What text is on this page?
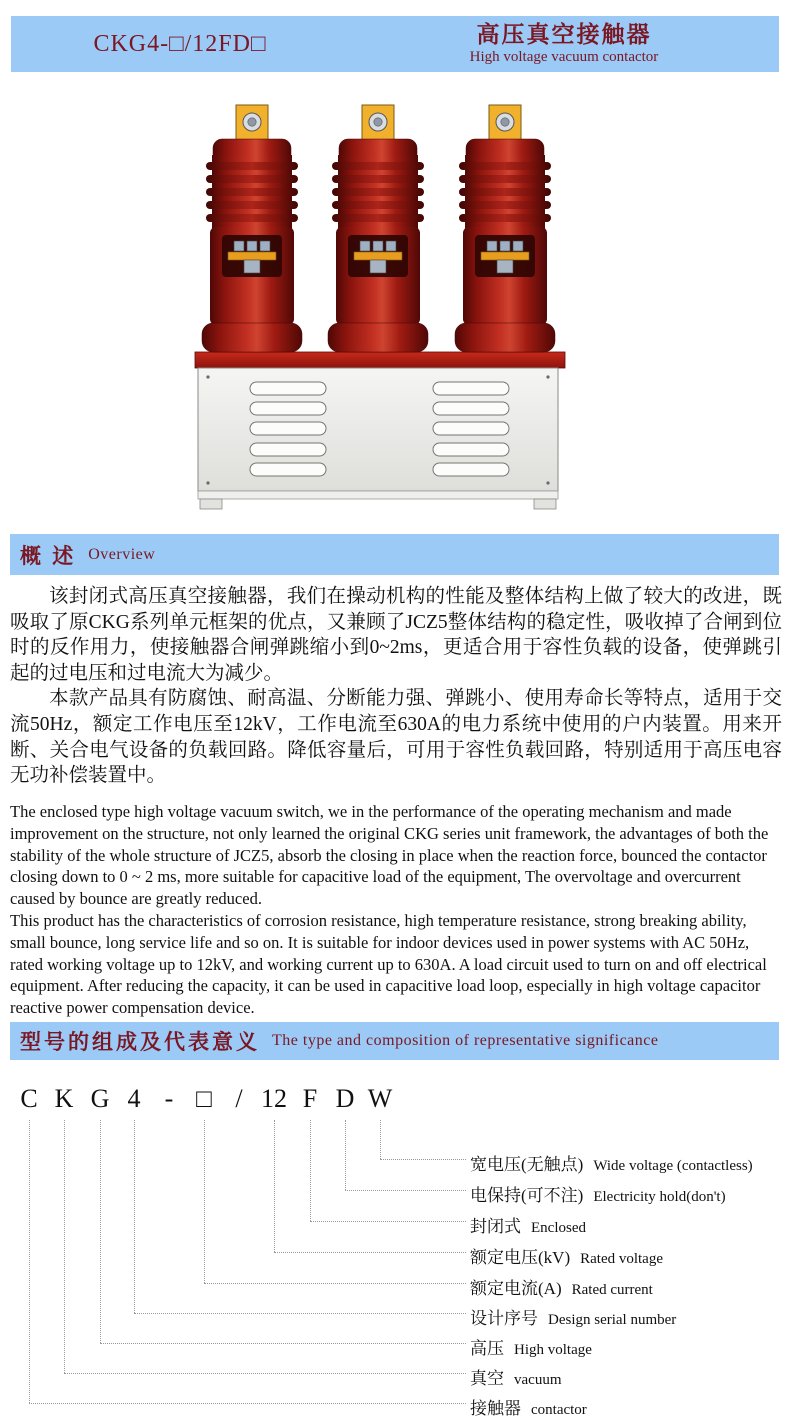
CKG4-□/12FD□	高压真空接触器
High voltage vacuum contactor
概 述 Overview

该封闭式高压真空接触器，我们在操动机构的性能及整体结构上做了较大的改进，既吸取了原CKG系列单元框架的优点，又兼顾了JCZ5整体结构的稳定性，吸收掉了合闸到位时的反作用力，使接触器合闸弹跳缩小到0~2ms，更适合用于容性负载的设备，使弹跳引起的过电压和过电流大为减少。

本款产品具有防腐蚀、耐高温、分断能力强、弹跳小、使用寿命长等特点，适用于交流50Hz，额定工作电压至12kV，工作电流至630A的电力系统中使用的户内装置。用来开断、关合电气设备的负载回路。降低容量后，可用于容性负载回路，特别适用于高压电容无功补偿装置中。

The enclosed type high voltage vacuum switch, we in the performance of the operating mechanism and made improvement on the structure, not only learned the original CKG series unit framework, the advantages of both the stability of the whole structure of JCZ5, absorb the closing in place when the reaction force, bounced the contactor closing down to 0 ~ 2 ms, more suitable for capacitive load of the equipment, The overvoltage and overcurrent caused by bounce are greatly reduced.

This product has the characteristics of corrosion resistance, high temperature resistance, strong breaking ability, small bounce, long service life and so on. It is suitable for indoor devices used in power systems with AC 50Hz, rated working voltage up to 12kV, and working current up to 630A. A load circuit used to turn on and off electrical equipment. After reducing the capacity, it can be used in capacitive load loop, especially in high voltage capacitor reactive power compensation device.

型号的组成及代表意义 The type and composition of representative significance
C K G 4 - □ / 12 F D W
宽电压(无触点) Wide voltage (contactless)
电保持(可不注) Electricity hold(don't)
封闭式 Enclosed
额定电压(kV) Rated voltage
额定电流(A) Rated current
设计序号 Design serial number
高压 High voltage
真空 vacuum
接触器 contactor
